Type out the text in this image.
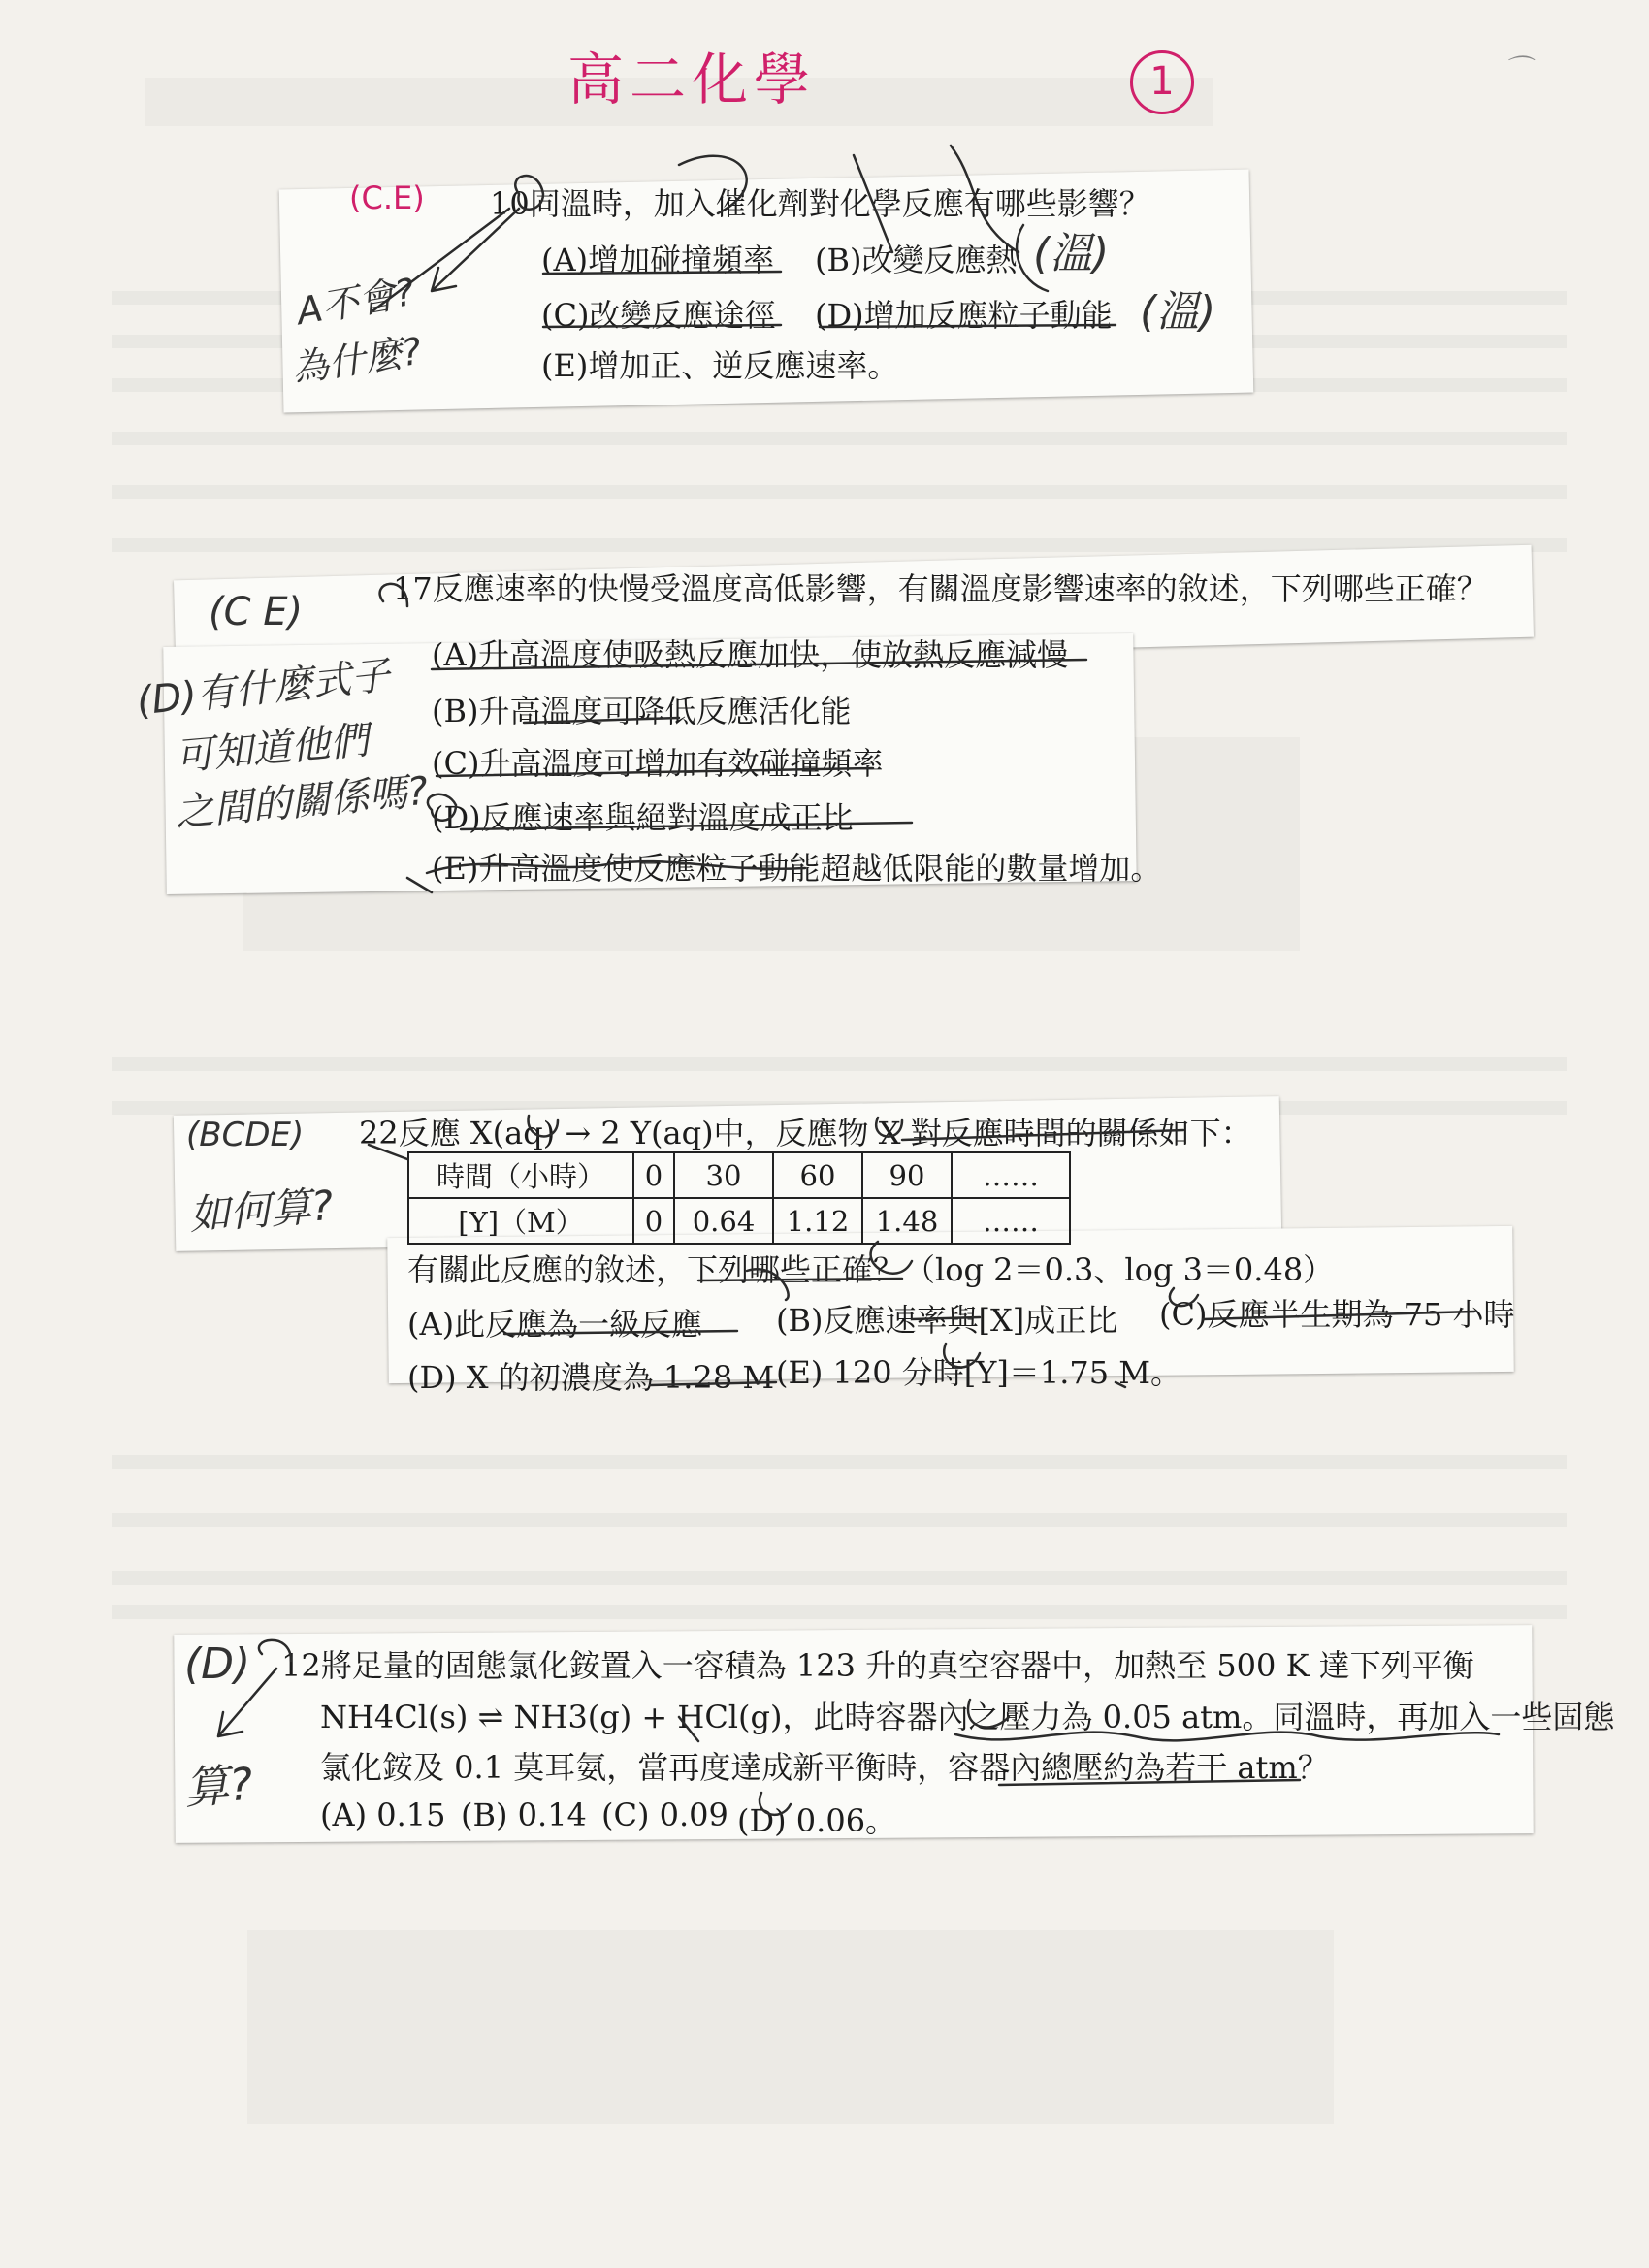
高二化學	1	⌒
(C.E) 10同溫時，加入催化劑對化學反應有哪些影響？
(A)增加碰撞頻率 (B)改變反應熱
(C)改變反應途徑 (D)增加反應粒子動能
(E)增加正、逆反應速率。
(溫)
(溫)
A不會?
為什麼?
(C E)
17反應速率的快慢受溫度高低影響，有關溫度影響速率的敘述，下列哪些正確？
(A)升高溫度使吸熱反應加快，使放熱反應減慢
(B)升高溫度可降低反應活化能
(C)升高溫度可增加有效碰撞頻率
(D)反應速率與絕對溫度成正比
(E)升高溫度使反應粒子動能超越低限能的數量增加。
(D)有什麼式子
可知道他們
之間的關係嗎?
(BCDE)
如何算?
22反應 X(aq) → 2 Y(aq)中，反應物 X 對反應時間的關係如下：
時間（小時）	0	30	60	90	……
[Y]（M）	0	0.64	1.12	1.48	……
有關此反應的敘述，下列哪些正確？（log 2＝0.3、log 3＝0.48）
(A)此反應為一級反應 (B)反應速率與[X]成正比 (C)反應半生期為 75 小時
(D) X 的初濃度為 1.28 M (E) 120 分時[Y]＝1.75 M。
(D)
算?
12將足量的固態氯化銨置入一容積為 123 升的真空容器中，加熱至 500 K 達下列平衡
NH4Cl(s) ⇌ NH3(g) + HCl(g)，此時容器內之壓力為 0.05 atm。同溫時，再加入一些固態
氯化銨及 0.1 莫耳氨，當再度達成新平衡時，容器內總壓約為若干 atm？
(A) 0.15 (B) 0.14 (C) 0.09 (D) 0.06。
